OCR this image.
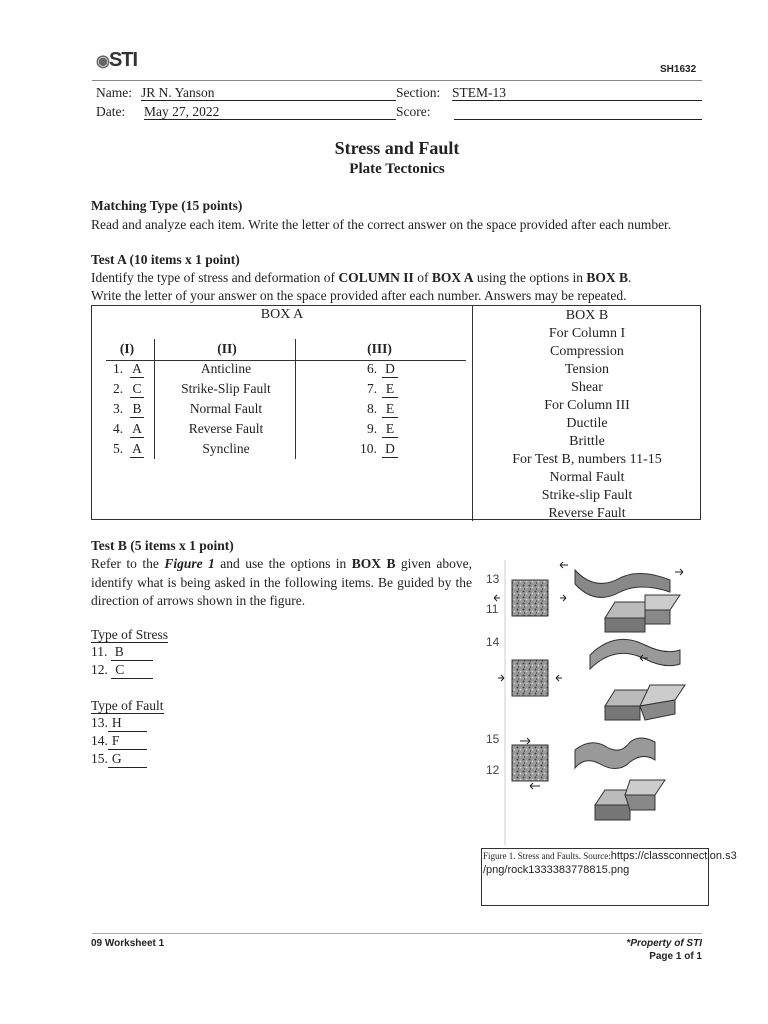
◉STI	SH1632
Name: JR N. Yanson	Section: STEM-13
Date: May 27, 2022	Score:
Stress and Fault
Plate Tectonics
Matching Type (15 points)
Read and analyze each item. Write the letter of the correct answer on the space provided after each number.
Test A (10 items x 1 point)
Identify the type of stress and deformation of COLUMN II of BOX A using the options in BOX B.
Write the letter of your answer on the space provided after each number. Answers may be repeated.
BOX A
(I)	(II)	(III)
1. A	Anticline	6. D
2. C	Strike-Slip Fault	7. E
3. B	Normal Fault	8. E
4. A	Reverse Fault	9. E
5. A	Syncline	10. D
BOX B
For Column I
Compression
Tension
Shear
For Column III
Ductile
Brittle
For Test B, numbers 11-15
Normal Fault
Strike-slip Fault
Reverse Fault
Test B (5 items x 1 point)
Refer to the Figure 1 and use the options in BOX B given above, identify what is being asked in the following items. Be guided by the direction of arrows shown in the figure.
Type of Stress
11. B
12. C
Type of Fault
13. H
14. F
15. G
13
11
14
15
12
Figure 1. Stress and Faults. Source:https://classconnection.s3
/png/rock1333383778815.png
09 Worksheet 1	*Property of STI
Page 1 of 1
